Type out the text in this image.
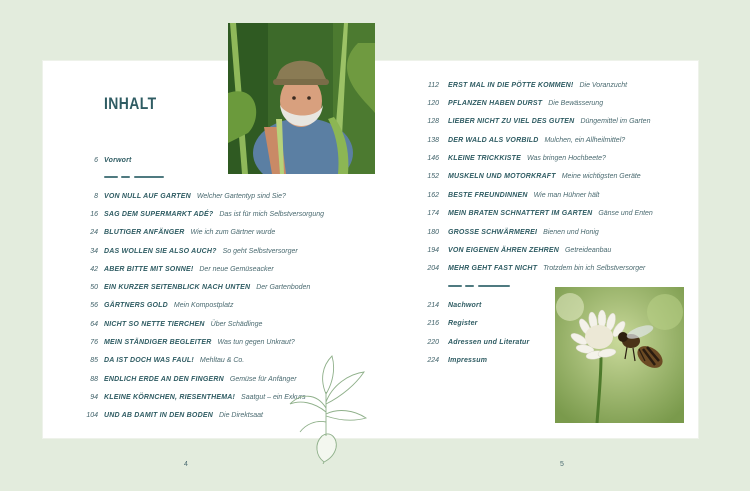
INHALT
6 Vorwort
8 VON NULL AUF GARTEN Welcher Gartentyp sind Sie?
16 SAG DEM SUPERMARKT ADÉ? Das ist für mich Selbstversorgung
24 BLUTIGER ANFÄNGER Wie ich zum Gärtner wurde
34 DAS WOLLEN SIE ALSO AUCH? So geht Selbstversorger
42 ABER BITTE MIT SONNE! Der neue Gemüseacker
50 EIN KURZER SEITENBLICK NACH UNTEN Der Gartenboden
56 GÄRTNERS GOLD Mein Kompostplatz
64 NICHT SO NETTE TIERCHEN Über Schädlinge
76 MEIN STÄNDIGER BEGLEITER Was tun gegen Unkraut?
85 DA IST DOCH WAS FAUL! Mehltau & Co.
88 ENDLICH ERDE AN DEN FINGERN Gemüse für Anfänger
94 KLEINE KÖRNCHEN, RIESENTHEMA! Saatgut – ein Exkurs
104 UND AB DAMIT IN DEN BODEN Die Direktsaat
112 ERST MAL IN DIE PÖTTE KOMMEN! Die Voranzucht
120 PFLANZEN HABEN DURST Die Bewässerung
128 LIEBER NICHT ZU VIEL DES GUTEN Düngemittel im Garten
138 DER WALD ALS VORBILD Mulchen, ein Allheilmittel?
146 KLEINE TRICKKISTE Was bringen Hochbeete?
152 MUSKELN UND MOTORKRAFT Meine wichtigsten Geräte
162 BESTE FREUNDINNEN Wie man Hühner hält
174 MEIN BRATEN SCHNATTERT IM GARTEN Gänse und Enten
180 GROSSE SCHWÄRMEREI Bienen und Honig
194 VON EIGENEN ÄHREN ZEHREN Getreideanbau
204 MEHR GEHT FAST NICHT Trotzdem bin ich Selbstversorger
214 Nachwort
216 Register
220 Adressen und Literatur
224 Impressum
4	5
